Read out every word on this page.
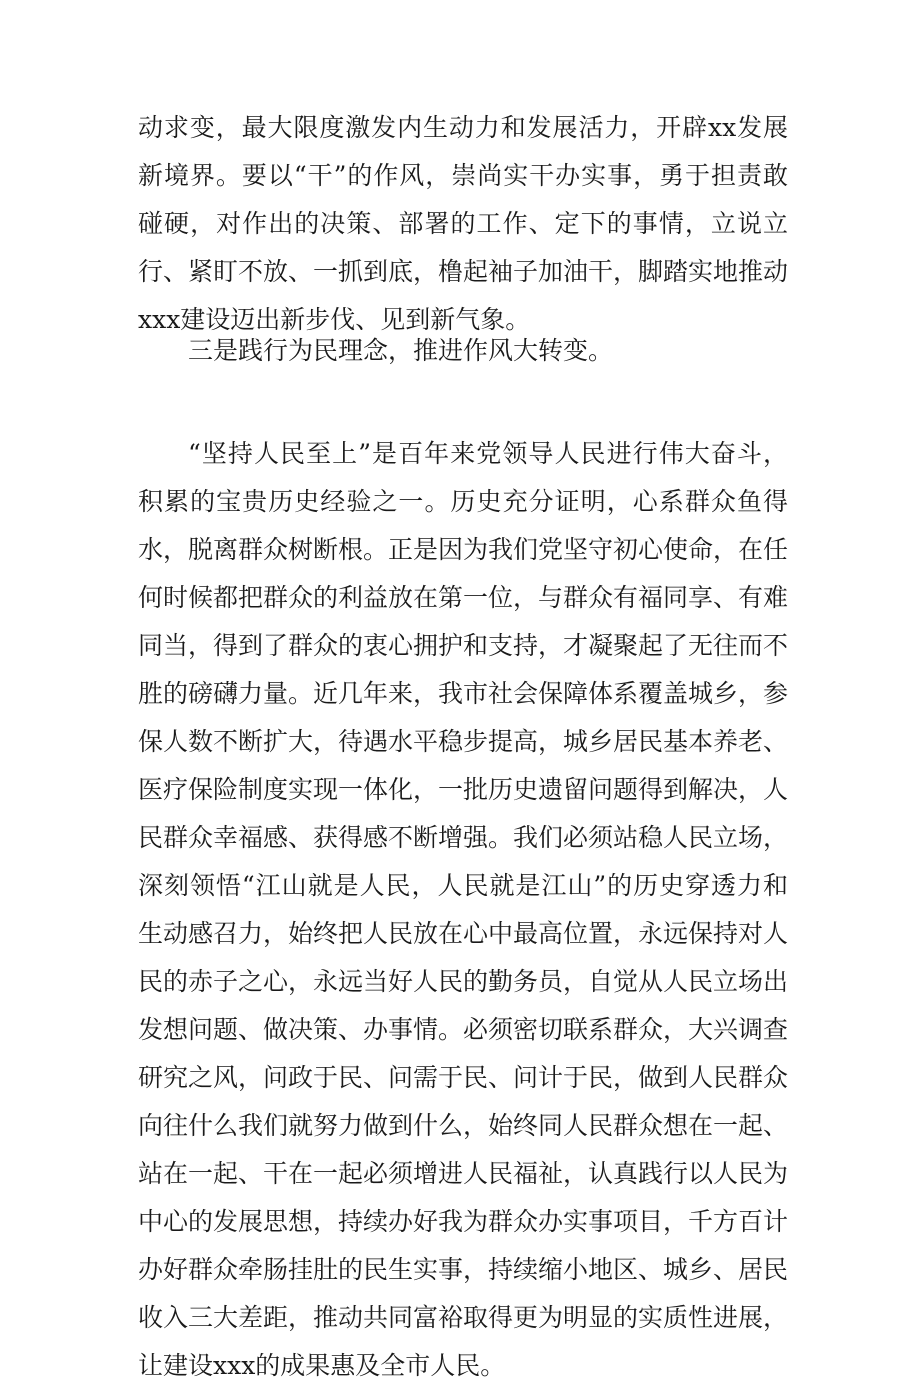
动求变，最大限度激发内生动力和发展活力，开辟xx发展新境界。要以“干”的作风，崇尚实干办实事，勇于担责敢碰硬，对作出的决策、部署的工作、定下的事情，立说立行、紧盯不放、一抓到底，橹起袖子加油干，脚踏实地推动xxx建设迈出新步伐、见到新气象。

三是践行为民理念，推进作风大转变。

“坚持人民至上”是百年来党领导人民进行伟大奋斗，积累的宝贵历史经验之一。历史充分证明，心系群众鱼得水，脱离群众树断根。正是因为我们党坚守初心使命，在任何时候都把群众的利益放在第一位，与群众有福同享、有难同当，得到了群众的衷心拥护和支持，才凝聚起了无往而不胜的磅礴力量。近几年来，我市社会保障体系覆盖城乡，参保人数不断扩大，待遇水平稳步提高，城乡居民基本养老、医疗保险制度实现一体化，一批历史遗留问题得到解决，人民群众幸福感、获得感不断增强。我们必须站稳人民立场，深刻领悟“江山就是人民，人民就是江山”的历史穿透力和生动感召力，始终把人民放在心中最高位置，永远保持对人民的赤子之心，永远当好人民的勤务员，自觉从人民立场出发想问题、做决策、办事情。必须密切联系群众，大兴调查研究之风，问政于民、问需于民、问计于民，做到人民群众向往什么我们就努力做到什么，始终同人民群众想在一起、站在一起、干在一起必须增进人民福祉，认真践行以人民为中心的发展思想，持续办好我为群众办实事项目，千方百计办好群众牵肠挂肚的民生实事，持续缩小地区、城乡、居民收入三大差距，推动共同富裕取得更为明显的实质性进展，让建设xxx的成果惠及全市人民。
